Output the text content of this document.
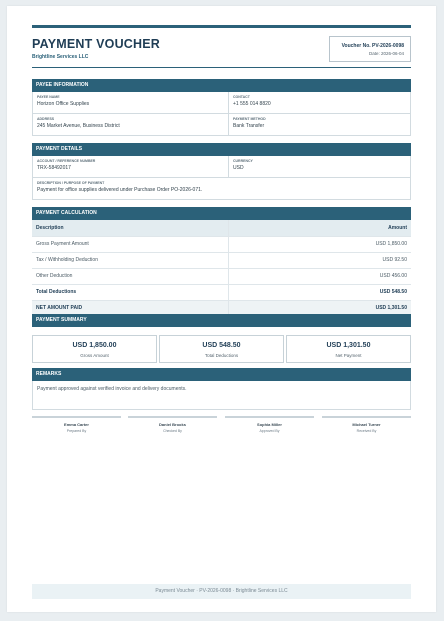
PAYMENT VOUCHER
Brightline Services LLC
Voucher No. PV-2026-0098
Date: 2026-06-04
PAYEE INFORMATION
PAYEE NAME
Horizon Office Supplies
CONTACT
+1 555 014 8820
ADDRESS
245 Market Avenue, Business District
PAYMENT METHOD
Bank Transfer
PAYMENT DETAILS
ACCOUNT / REFERENCE NUMBER
TRX-58492017
CURRENCY
USD
DESCRIPTION / PURPOSE OF PAYMENT
Payment for office supplies delivered under Purchase Order PO-2026-071.
PAYMENT CALCULATION
Description	Amount
Gross Payment Amount	USD 1,850.00
Tax / Withholding Deduction	USD 92.50
Other Deduction	USD 456.00
Total Deductions	USD 548.50
NET AMOUNT PAID	USD 1,301.50
PAYMENT SUMMARY
USD 1,850.00
Gross Amount
USD 548.50
Total Deductions
USD 1,301.50
Net Payment
REMARKS
Payment approved against verified invoice and delivery documents.
Emma Carter
Prepared By
Daniel Brooks
Checked By
Sophia Miller
Approved By
Michael Turner
Received By
Payment Voucher · PV-2026-0098 · Brightline Services LLC
